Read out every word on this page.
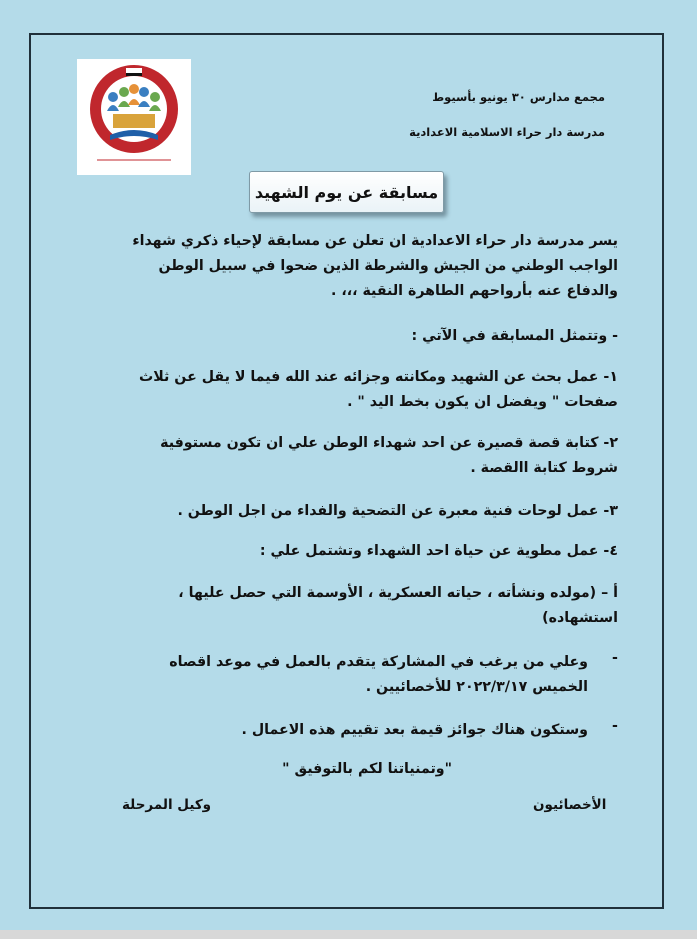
مجمع مدارس ٣٠ يونيو بأسيوط
مدرسة دار حراء الاسلامية الاعدادية
مسابقة عن يوم الشهيد

يسر مدرسة دار حراء الاعدادية ان تعلن عن مسابقة لإحياء ذكري شهداء الواجب الوطني من الجيش والشرطة الذين ضحوا في سبيل الوطن والدفاع عنه بأرواحهم الطاهرة النقية ،،، .

- وتتمثل المسابقة في الآتي :

١- عمل بحث عن الشهيد ومكانته وجزائه عند الله فيما لا يقل عن ثلاث صفحات " ويفضل ان يكون بخط اليد " .

٢- كتابة قصة قصيرة عن احد شهداء الوطن علي ان تكون مستوفية شروط كتابة االقصة .

٣- عمل لوحات فنية معبرة عن التضحية والفداء من اجل الوطن .

٤- عمل مطوية عن حياة احد الشهداء وتشتمل علي :

أ – (مولده ونشأته ، حياته العسكرية ، الأوسمة التي حصل عليها ، استشهاده)

-

وعلي من يرغب في المشاركة يتقدم بالعمل في موعد اقصاه الخميس ٢٠٢٢/٣/١٧ للأخصائيين .

-

وستكون هناك جوائز قيمة بعد تقييم هذه الاعمال .

"وتمنياتنا لكم بالتوفيق "

الأخصائيون
وكيل المرحلة
